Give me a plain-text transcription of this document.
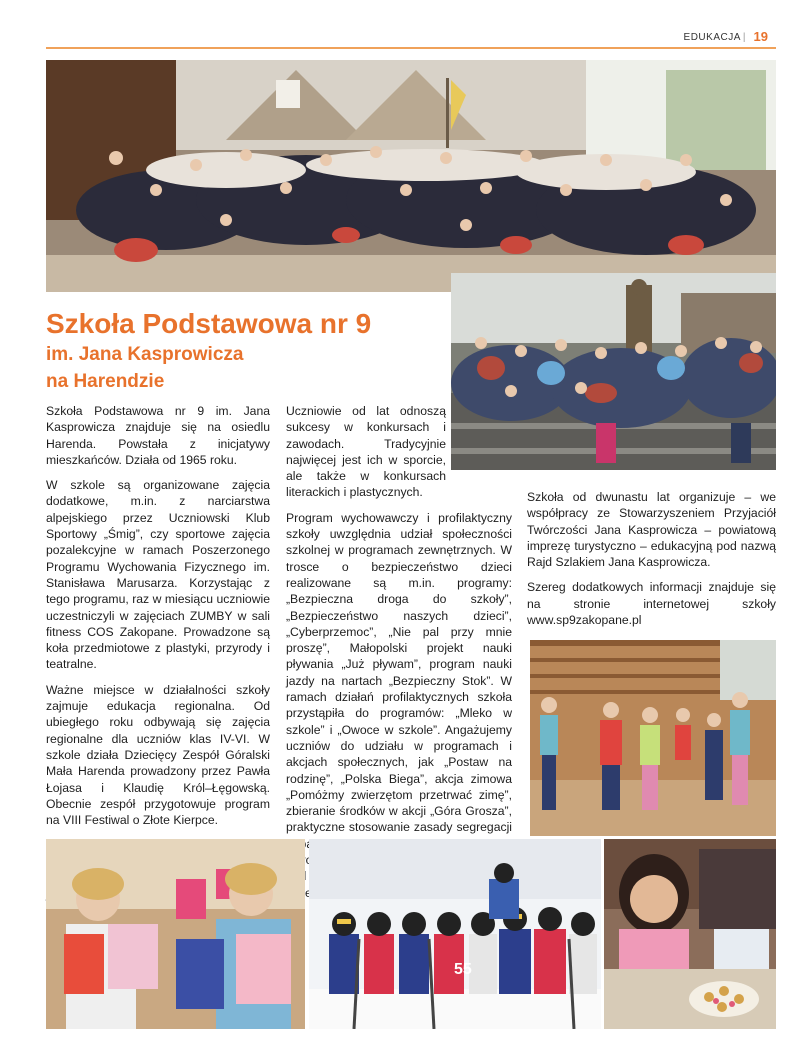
EDUKACJA | 19
Szkoła Podstawowa nr 9
im. Jana Kasprowicza
na Harendzie

Szkoła Podstawowa nr 9 im. Jana Kasprowicza znajduje się na osiedlu Harenda. Powstała z inicjatywy mieszkańców. Działa od 1965 roku.

W szkole są organizowane zajęcia dodatkowe, m.in. z narciarstwa alpejskiego przez Uczniowski Klub Sportowy „Śmig”, czy sportowe zajęcia pozalekcyjne w ramach Poszerzonego Programu Wychowania Fizycznego im. Stanisława Marusarza. Korzystając z tego programu, raz w miesiącu uczniowie uczestniczyli w zajęciach ZUMBY w sali fitness COS Zakopane. Prowadzone są koła przedmiotowe z plastyki, przyrody i teatralne.

Ważne miejsce w działalności szkoły zajmuje edukacja regionalna. Od ubiegłego roku odbywają się zajęcia regionalne dla uczniów klas IV-VI. W szkole działa Dziecięcy Zespół Góralski Mała Harenda prowadzony przez Pawła Łojasa i Klaudię Król–Łęgowską. Obecnie zespół przygotowuje program na VIII Festiwal o Złote Kierpce.

Uczniowie od lat odnoszą sukcesy w konkursach i zawodach. Tradycyjnie najwięcej jest ich w sporcie, ale także w konkursach literackich i plastycznych.

Program wychowawczy i profilaktyczny szkoły uwzględnia udział społeczności szkolnej w programach zewnętrznych. W trosce o bezpieczeństwo dzieci realizowane są m.in. programy: „Bezpieczna droga do szkoły”, „Bezpieczeństwo naszych dzieci”, „Cyberprzemoc”, „Nie pal przy mnie proszę”, Małopolski projekt nauki pływania „Już pływam”, program nauki jazdy na nartach „Bezpieczny Stok”. W ramach działań profilaktycznych szkoła przystąpiła do programów: „Mleko w szkole” i „Owoce w szkole”. Angażujemy uczniów do udziału w programach i akcjach społecznych, jak „Postaw na rodzinę”, „Polska Biega”, akcja zimowa „Pomóżmy zwierzętom przetrwać zimę”, zbieranie środków w akcji „Góra Grosza”, praktyczne stosowanie zasady segregacji

Szkoła od dwunastu lat organizuje – we współpracy ze Stowarzyszeniem Przyjaciół Twórczości Jana Kasprowicza – powiatową imprezę turystyczno – edukacyjną pod nazwą Rajd Szlakiem Jana Kasprowicza.

Szereg dodatkowych informacji znajduje się na stronie internetowej szkoły www.sp9zakopane.pl

55
